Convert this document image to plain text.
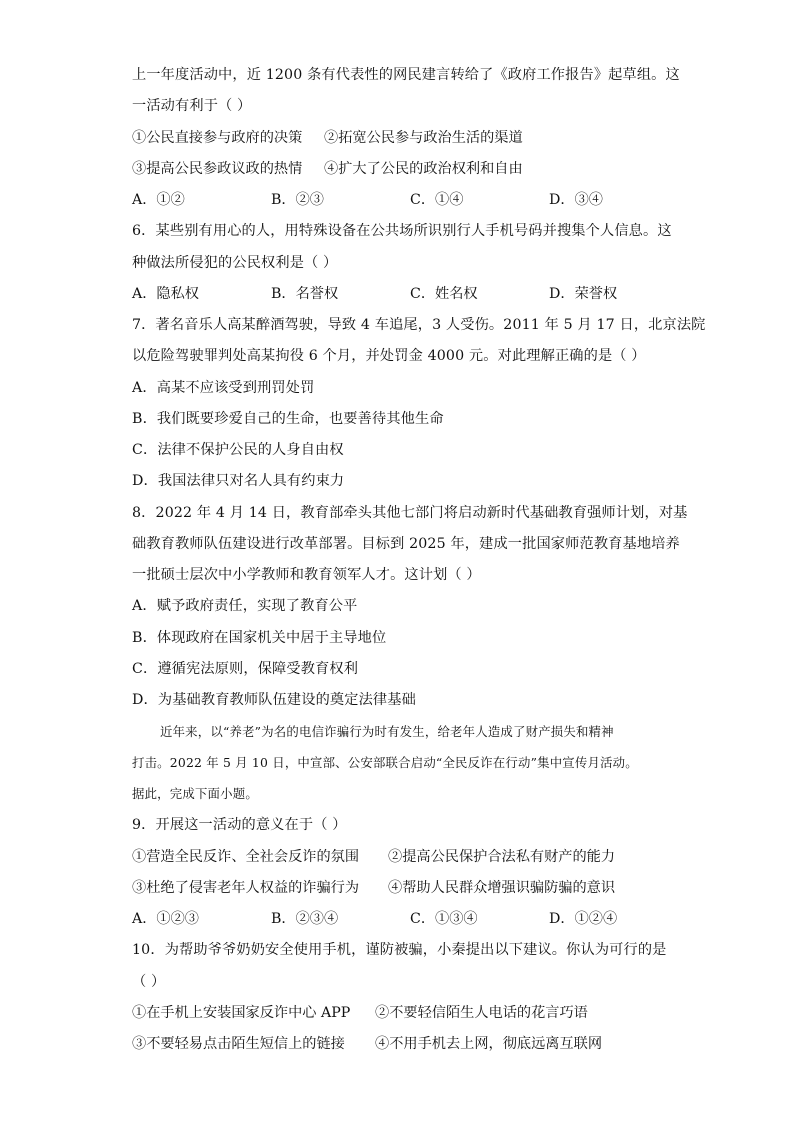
上一年度活动中，近 1200 条有代表性的网民建言转给了《政府工作报告》起草组。这
一活动有利于（ ）
①公民直接参与政府的决策 ②拓宽公民参与政治生活的渠道
③提高公民参政议政的热情 ④扩大了公民的政治权利和自由
A．①②	B．②③	C．①④	D．③④
6．某些别有用心的人，用特殊设备在公共场所识别行人手机号码并搜集个人信息。这
种做法所侵犯的公民权利是（ ）
A．隐私权	B．名誉权	C．姓名权	D．荣誉权
7．著名音乐人高某醉酒驾驶，导致 4 车追尾，3 人受伤。2011 年 5 月 17 日，北京法院
以危险驾驶罪判处高某拘役 6 个月，并处罚金 4000 元。对此理解正确的是（ ）
A．高某不应该受到刑罚处罚
B．我们既要珍爱自己的生命，也要善待其他生命
C．法律不保护公民的人身自由权
D．我国法律只对名人具有约束力
8．2022 年 4 月 14 日，教育部牵头其他七部门将启动新时代基础教育强师计划，对基
础教育教师队伍建设进行改革部署。目标到 2025 年，建成一批国家师范教育基地培养
一批硕士层次中小学教师和教育领军人才。这计划（ ）
A．赋予政府责任，实现了教育公平
B．体现政府在国家机关中居于主导地位
C．遵循宪法原则，保障受教育权利
D．为基础教育教师队伍建设的奠定法律基础
近年来，以“养老”为名的电信诈骗行为时有发生，给老年人造成了财产损失和精神
打击。2022 年 5 月 10 日，中宣部、公安部联合启动“全民反诈在行动”集中宣传月活动。
据此，完成下面小题。
9．开展这一活动的意义在于（ ）
①营造全民反诈、全社会反诈的氛围 ②提高公民保护合法私有财产的能力
③杜绝了侵害老年人权益的诈骗行为 ④帮助人民群众增强识骗防骗的意识
A．①②③	B．②③④	C．①③④	D．①②④
10．为帮助爷爷奶奶安全使用手机，谨防被骗，小秦提出以下建议。你认为可行的是
（ ）
①在手机上安装国家反诈中心 APP ②不要轻信陌生人电话的花言巧语
③不要轻易点击陌生短信上的链接 ④不用手机去上网，彻底远离互联网
